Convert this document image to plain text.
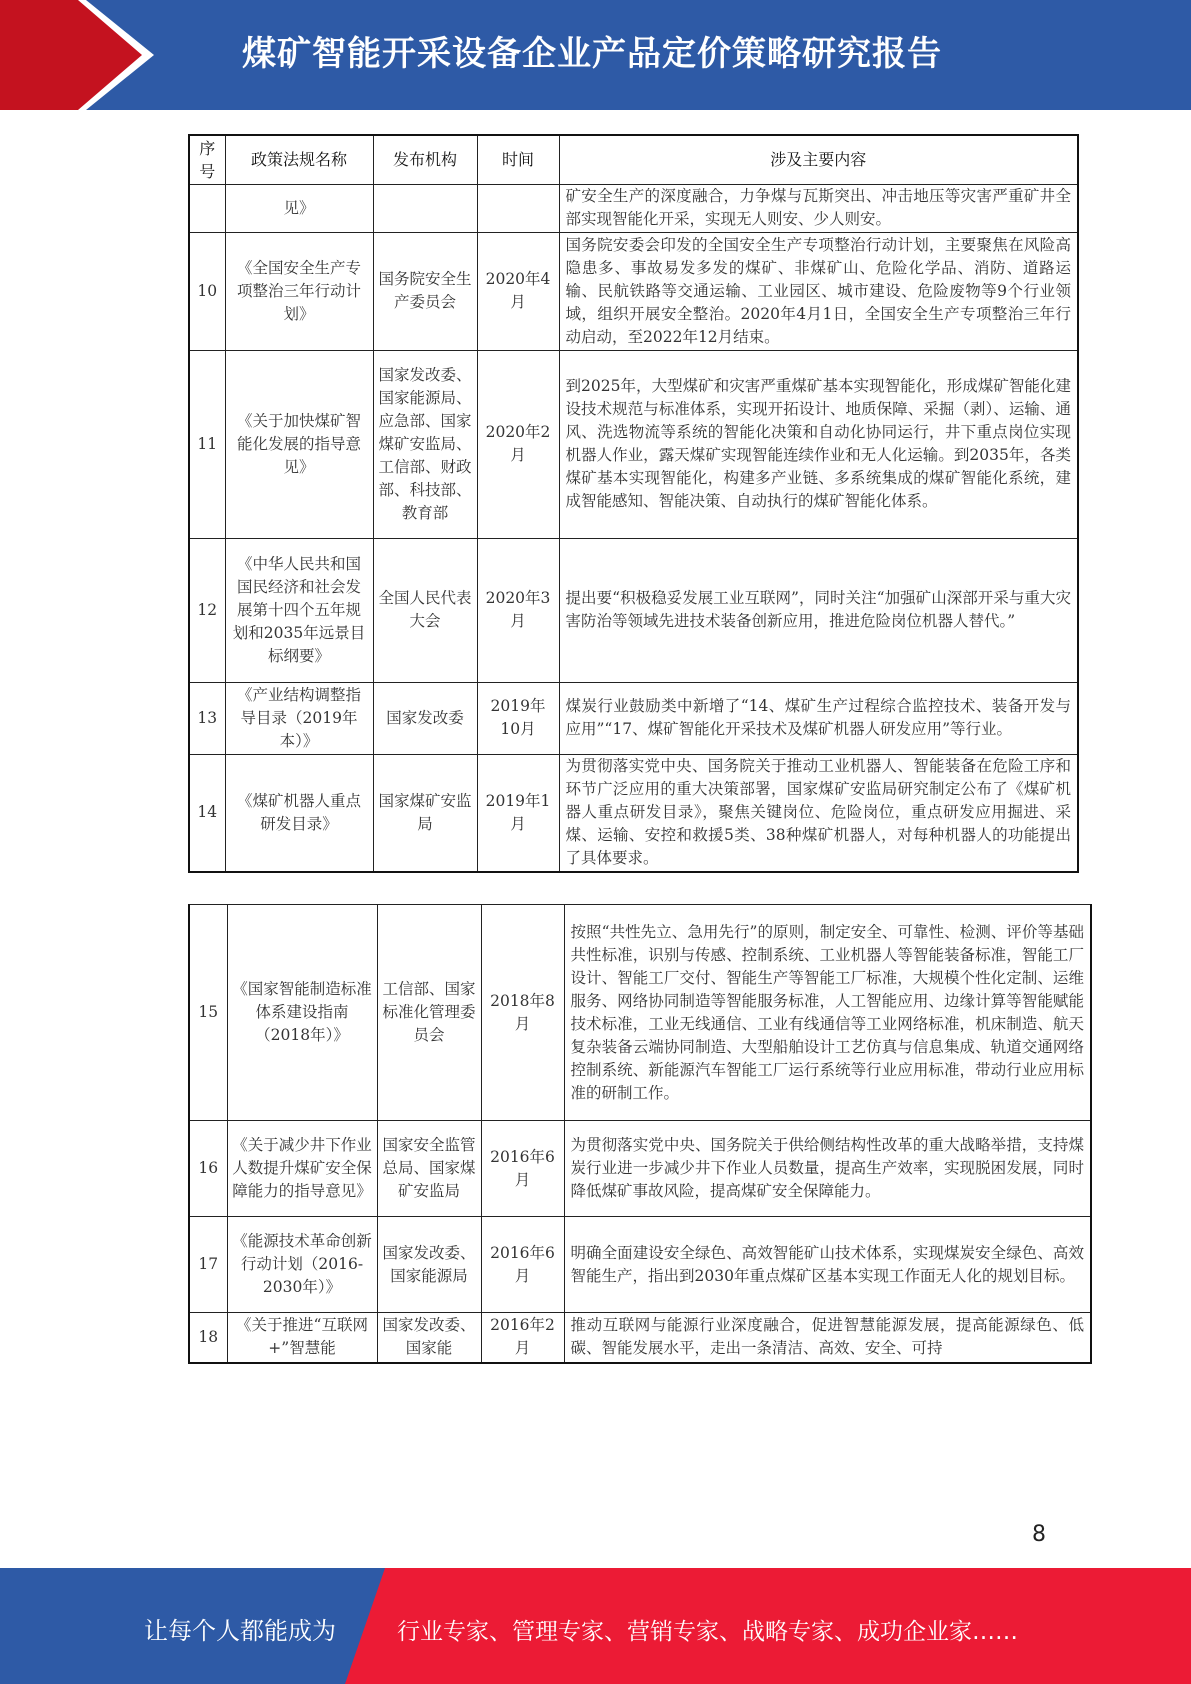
煤矿智能开采设备企业产品定价策略研究报告
序号	政策法规名称	发布机构	时间	涉及主要内容
	见》			矿安全生产的深度融合，力争煤与瓦斯突出、冲击地压等灾害严重矿井全部实现智能化开采，实现无人则安、少人则安。
10	《全国安全生产专项整治三年行动计划》	国务院安全生产委员会	2020年4月	国务院安委会印发的全国安全生产专项整治行动计划，主要聚焦在风险高隐患多、事故易发多发的煤矿、非煤矿山、危险化学品、消防、道路运输、民航铁路等交通运输、工业园区、城市建设、危险废物等9个行业领域，组织开展安全整治。2020年4月1日，全国安全生产专项整治三年行动启动，至2022年12月结束。
11	《关于加快煤矿智能化发展的指导意见》	国家发改委、国家能源局、应急部、国家煤矿安监局、工信部、财政部、科技部、教育部	2020年2月	到2025年，大型煤矿和灾害严重煤矿基本实现智能化，形成煤矿智能化建设技术规范与标准体系，实现开拓设计、地质保障、采掘（剥）、运输、通风、洗选物流等系统的智能化决策和自动化协同运行，井下重点岗位实现机器人作业，露天煤矿实现智能连续作业和无人化运输。到2035年，各类煤矿基本实现智能化，构建多产业链、多系统集成的煤矿智能化系统，建成智能感知、智能决策、自动执行的煤矿智能化体系。
12	《中华人民共和国国民经济和社会发展第十四个五年规划和2035年远景目标纲要》	全国人民代表大会	2020年3月	提出要“积极稳妥发展工业互联网”，同时关注“加强矿山深部开采与重大灾害防治等领域先进技术装备创新应用，推进危险岗位机器人替代。”
13	《产业结构调整指导目录（2019年本）》	国家发改委	2019年10月	煤炭行业鼓励类中新增了“14、煤矿生产过程综合监控技术、装备开发与应用”“17、煤矿智能化开采技术及煤矿机器人研发应用”等行业。
14	《煤矿机器人重点研发目录》	国家煤矿安监局	2019年1月	为贯彻落实党中央、国务院关于推动工业机器人、智能装备在危险工序和环节广泛应用的重大决策部署，国家煤矿安监局研究制定公布了《煤矿机器人重点研发目录》，聚焦关键岗位、危险岗位，重点研发应用掘进、采煤、运输、安控和救援5类、38种煤矿机器人，对每种机器人的功能提出了具体要求。
15	《国家智能制造标准体系建设指南（2018年）》	工信部、国家标准化管理委员会	2018年8月	按照“共性先立、急用先行”的原则，制定安全、可靠性、检测、评价等基础共性标准，识别与传感、控制系统、工业机器人等智能装备标准，智能工厂设计、智能工厂交付、智能生产等智能工厂标准，大规模个性化定制、运维服务、网络协同制造等智能服务标准，人工智能应用、边缘计算等智能赋能技术标准，工业无线通信、工业有线通信等工业网络标准，机床制造、航天复杂装备云端协同制造、大型船舶设计工艺仿真与信息集成、轨道交通网络控制系统、新能源汽车智能工厂运行系统等行业应用标准，带动行业应用标准的研制工作。
16	《关于减少井下作业人数提升煤矿安全保障能力的指导意见》	国家安全监管总局、国家煤矿安监局	2016年6月	为贯彻落实党中央、国务院关于供给侧结构性改革的重大战略举措，支持煤炭行业进一步减少井下作业人员数量，提高生产效率，实现脱困发展，同时降低煤矿事故风险，提高煤矿安全保障能力。
17	《能源技术革命创新行动计划（2016-2030年）》	国家发改委、国家能源局	2016年6月	明确全面建设安全绿色、高效智能矿山技术体系，实现煤炭安全绿色、高效智能生产，指出到2030年重点煤矿区基本实现工作面无人化的规划目标。
18	《关于推进“互联网+”智慧能	国家发改委、国家能	2016年2月	推动互联网与能源行业深度融合，促进智慧能源发展，提高能源绿色、低碳、智能发展水平，走出一条清洁、高效、安全、可持
8
让每个人都能成为	行业专家、管理专家、营销专家、战略专家、成功企业家……
